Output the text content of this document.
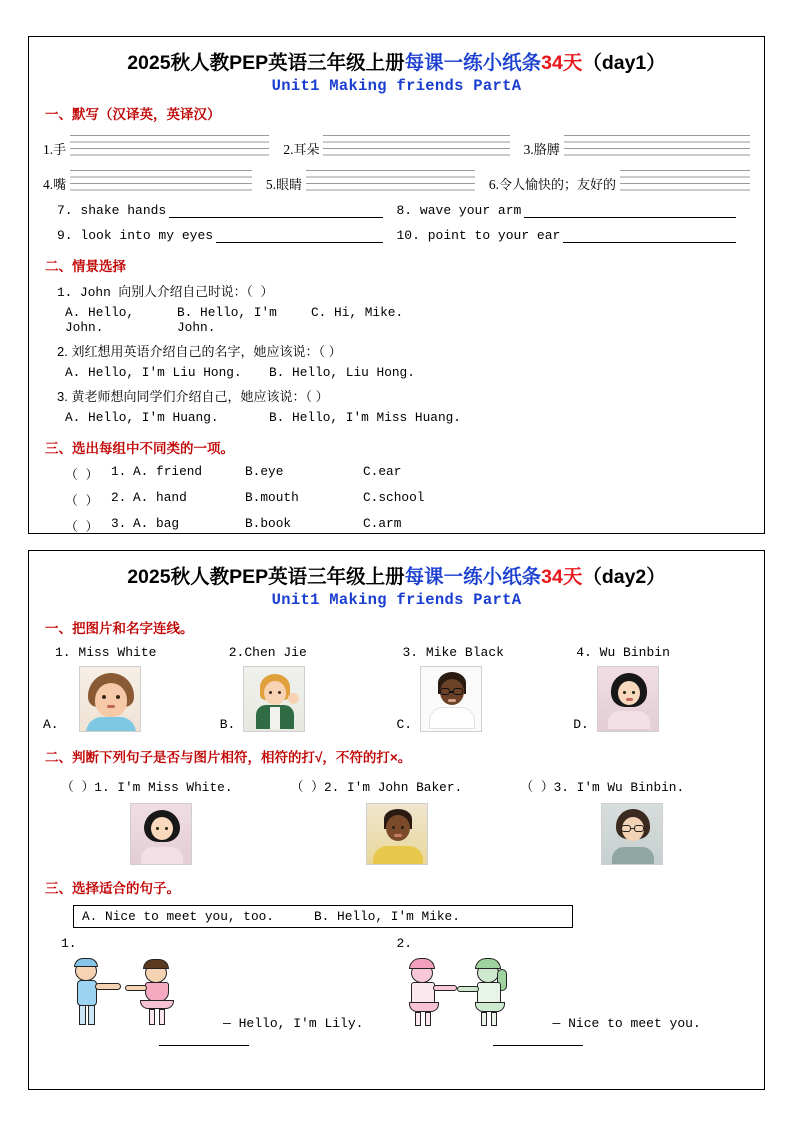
2025秋人教PEP英语三年级上册每课一练小纸条34天（day1）
Unit1 Making friends PartA
一、默写（汉译英，英译汉）
1.手	2.耳朵	3.胳膊
4.嘴	5.眼睛	6.令人愉快的；友好的
7. shake hands	8. wave your arm
9. look into my eyes	10. point to your ear
二、情景选择
1. John 向别人介绍自己时说：（ ）
A. Hello, John.
B. Hello, I'm John.
C. Hi, Mike.
2. 刘红想用英语介绍自己的名字，她应该说：（ ）
A. Hello, I'm Liu Hong.	B. Hello, Liu Hong.
3. 黄老师想向同学们介绍自己，她应该说：（ ）
A. Hello, I'm Huang.	B. Hello, I'm Miss Huang.
三、选出每组中不同类的一项。
（ ） 1. A. friend	B.eye	C.ear
（ ） 2. A. hand	B.mouth	C.school
（ ） 3. A. bag	B.book	C.arm
2025秋人教PEP英语三年级上册每课一练小纸条34天（day2）
Unit1 Making friends PartA
一、把图片和名字连线。
1. Miss White	2.Chen Jie	3. Mike Black	4. Wu Binbin
A.	B.	C.	D.
二、判断下列句子是否与图片相符，相符的打√，不符的打×。
（ ）1. I'm Miss White.	（ ）2. I'm John Baker.	（ ）3. I'm Wu Binbin.
三、选择适合的句子。
A. Nice to meet you, too.	B. Hello, I'm Mike.
1.
— Hello, I'm Lily.
2.
— Nice to meet you.
